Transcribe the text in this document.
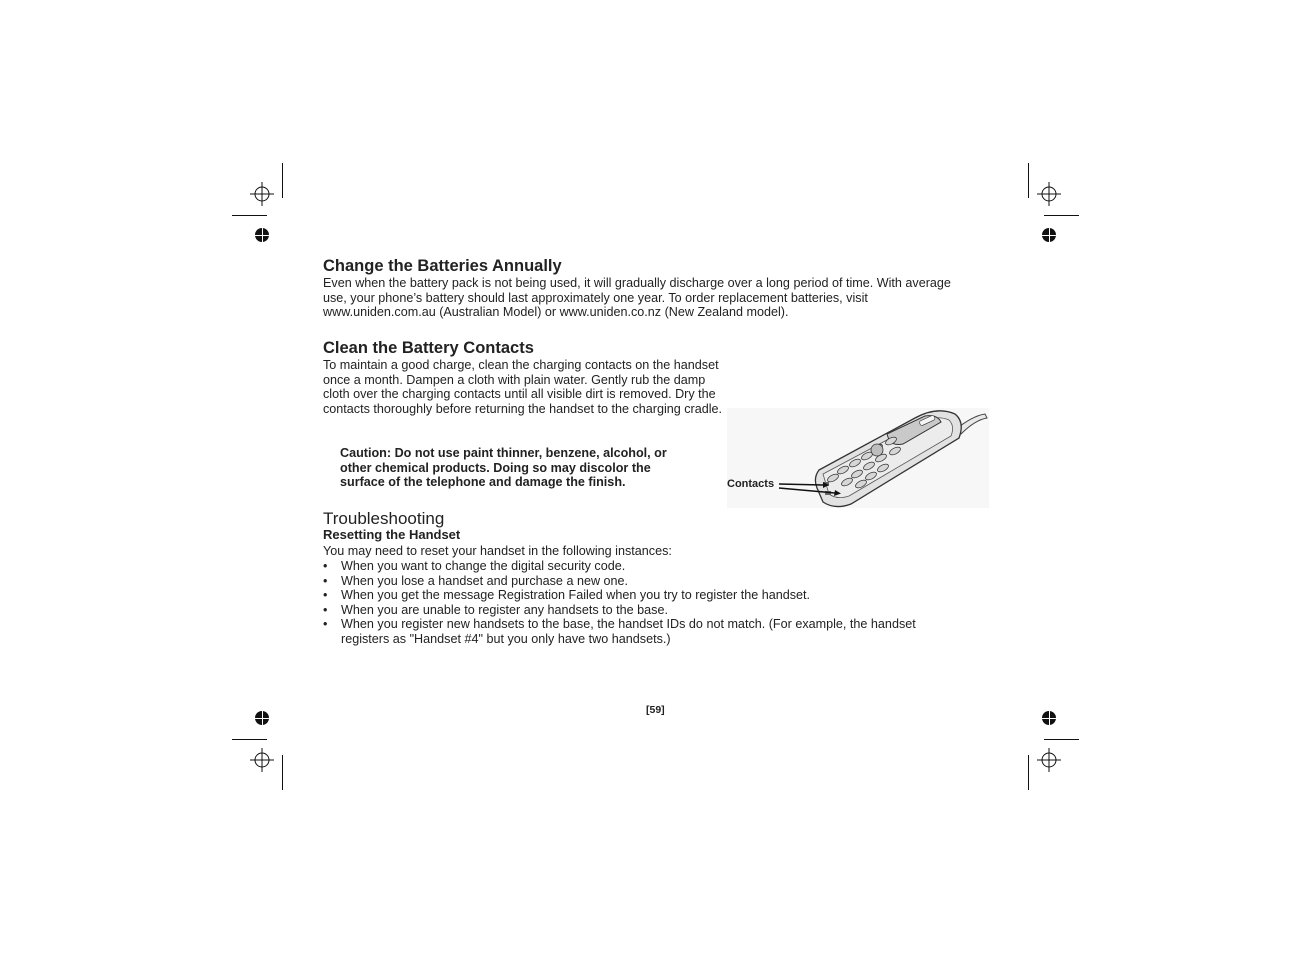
Change the Batteries Annually

Even when the battery pack is not being used, it will gradually discharge over a long period of time. With average use, your phone’s battery should last approximately one year. To order replacement batteries, visit www.uniden.com.au (Australian Model) or www.uniden.co.nz (New Zealand model).

Clean the Battery Contacts

To maintain a good charge, clean the charging contacts on the handset once a month. Dampen a cloth with plain water. Gently rub the damp cloth over the charging contacts until all visible dirt is removed. Dry the contacts thoroughly before returning the handset to the charging cradle.

Caution: Do not use paint thinner, benzene, alcohol, or other chemical products. Doing so may discolor the surface of the telephone and damage the finish.	Contacts
Troubleshooting
Resetting the Handset

You may need to reset your handset in the following instances:

• When you want to change the digital security code.
• When you lose a handset and purchase a new one.
• When you get the message Registration Failed when you try to register the handset.
• When you are unable to register any handsets to the base.
• When you register new handsets to the base, the handset IDs do not match. (For example, the handset registers as "Handset #4" but you only have two handsets.)
[59]
